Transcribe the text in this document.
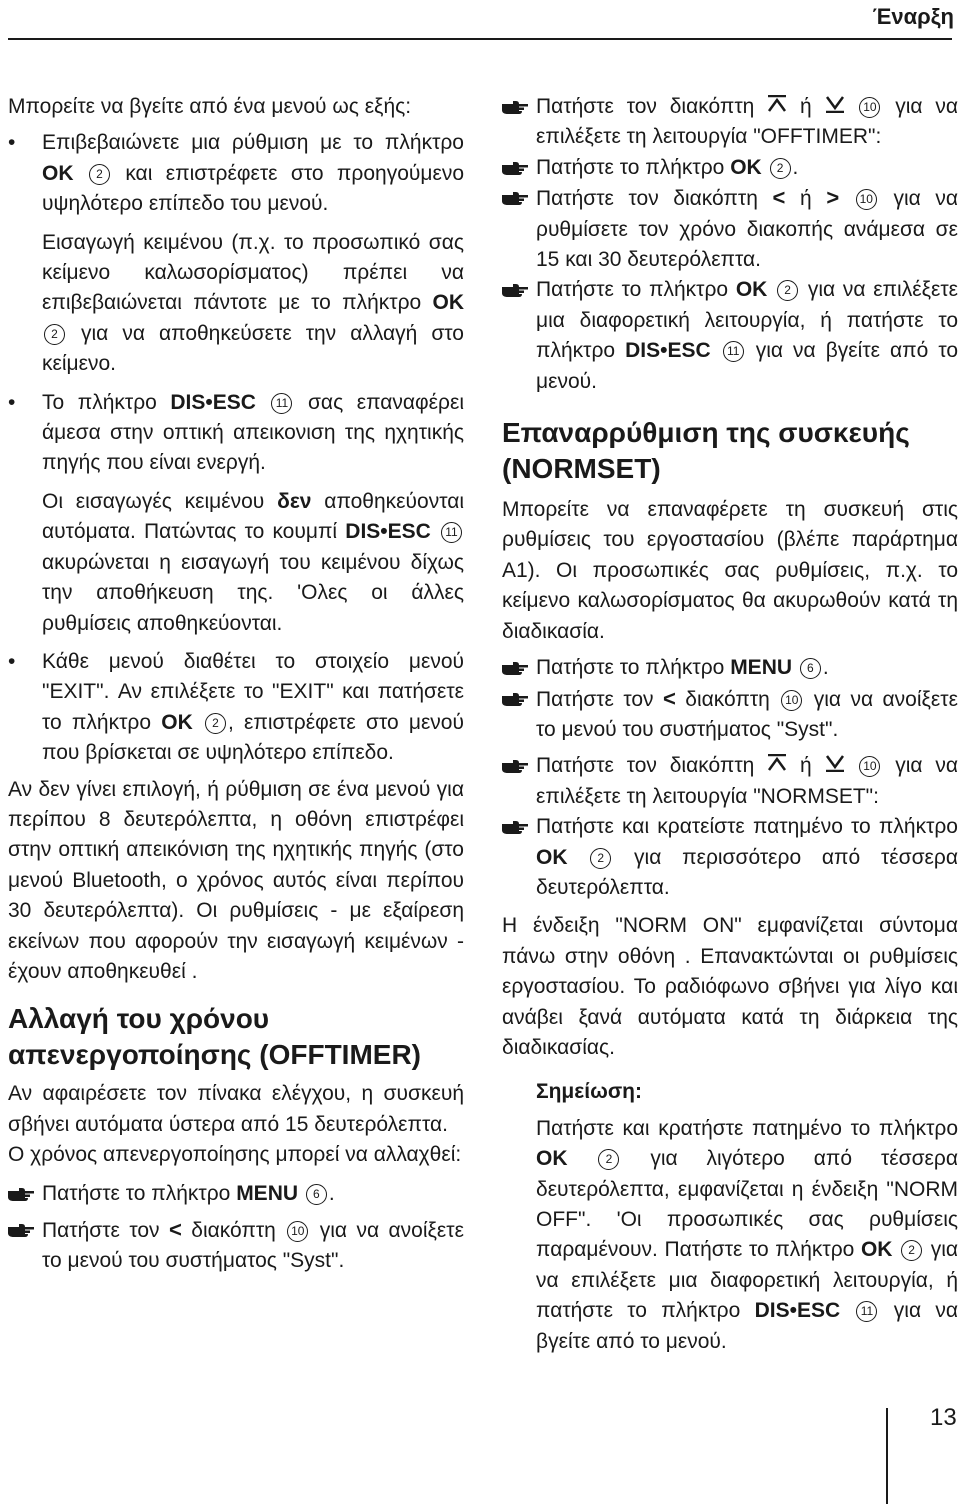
Έναρξη

Μπορείτε να βγείτε από ένα μενού ως εξής:

• Επιβεβαιώνετε μια ρύθμιση με το πλήκτρο OK 2 και επιστρέφετε στο προηγούμενο υψηλότερο επίπεδο του μενού.

Εισαγωγή κειμένου (π.χ. το προσωπικό σας κείμενο καλωσορίσματος) πρέπει να επιβεβαιώνεται πάντοτε με το πλήκτρο OK 2 για να αποθηκεύσετε την αλλαγή στο κείμενο.

• Το πλήκτρο DIS•ESC 11 σας επαναφέρει άμεσα στην οπτική απεικονιση της ηχητικής πηγής που είναι ενεργή.

Οι εισαγωγές κειμένου δεν αποθηκεύονται αυτόματα. Πατώντας το κουμπί DIS•ESC 11 ακυρώνεται η εισαγωγή του κειμένου δίχως την αποθήκευση της. 'Ολες οι άλλες ρυθμίσεις αποθηκεύονται.

• Κάθε μενού διαθέτει το στοιχείο μενού "EXIT". Αν επιλέξετε το "EXIT" και πατήσετε το πλήκτρο OK 2 , επιστρέφετε στο μενού που βρίσκεται σε υψηλότερο επίπεδο.

Αν δεν γίνει επιλογή, ή ρύθμιση σε ένα μενού για περίπου 8 δευτερόλεπτα, η οθόνη επιστρέφει στην οπτική απεικόνιση της ηχητικής πηγής (στο μενού Bluetooth, ο χρόνος αυτός είναι περίπου 30 δευτερόλεπτα). Οι ρυθμίσεις - με εξαίρεση εκείνων που αφορούν την εισαγωγή κειμένων - έχουν αποθηκευθεί .

Αλλαγή του χρόνου απενεργοποίησης (OFFTIMER)

Αν αφαιρέσετε τον πίνακα ελέγχου, η συσκευή σβήνει αυτόματα ύστερα από 15 δευτερόλεπτα.

Ο χρόνος απενεργοποίησης μπορεί να αλλαχθεί:

Πατήστε το πλήκτρο MENU 6 .

Πατήστε τον < διακόπτη 10 για να ανοίξετε το μενού του συστήματος "Syst".

Πατήστε τον διακόπτη ή	10 για να επιλέξετε τη λειτουργία "OFFTIMER":

Πατήστε το πλήκτρο OK 2 .

Πατήστε τον διακόπτη < ή > 10 για να ρυθμίσετε τον χρόνο διακοπής ανάμεσα σε 15 και 30 δευτερόλεπτα.

Πατήστε το πλήκτρο OK 2 για να επιλέξετε μια διαφορετική λειτουργία, ή πατήστε το πλήκτρο DIS•ESC 11 για να βγείτε από το μενού.

Επαναρρύθμιση της συσκευής (NORMSET)

Μπορείτε να επαναφέρετε τη συσκευή στις ρυθμίσεις του εργοστασίου (βλέπε παράρτημα A1). Οι προσωπικές σας ρυθμίσεις, π.χ. το κείμενο καλωσορίσματος θα ακυρωθούν κατά τη διαδικασία.

Πατήστε το πλήκτρο MENU 6 .

Πατήστε τον < διακόπτη 10 για να ανοίξετε το μενού του συστήματος "Syst".

Πατήστε τον διακόπτη ή	10 για να επιλέξετε τη λειτουργία "NORMSET":

Πατήστε και κρατείστε πατημένο το πλήκτρο OK 2 για περισσότερο από τέσσερα δευτερόλεπτα.

Η ένδειξη "NORM ON" εμφανίζεται σύντομα πάνω στην οθόνη . Επανακτώνται οι ρυθμίσεις εργοστασίου. Το ραδιόφωνο σβήνει για λίγο και ανάβει ξανά αυτόματα κατά τη διάρκεια της διαδικασίας.

Σημείωση:

Πατήστε και κρατήστε πατημένο το πλήκτρο OK	2 για λιγότερο από τέσσερα δευτερόλεπτα, εμφανίζεται η ένδειξη "NORM OFF". 'Οι προσωπικές σας ρυθμίσεις παραμένουν. Πατήστε το πλήκτρο OK 2 για να επιλέξετε μια διαφορετική λειτουργία, ή πατήστε το πλήκτρο DIS•ESC 11 για να βγείτε από το μενού.

13
